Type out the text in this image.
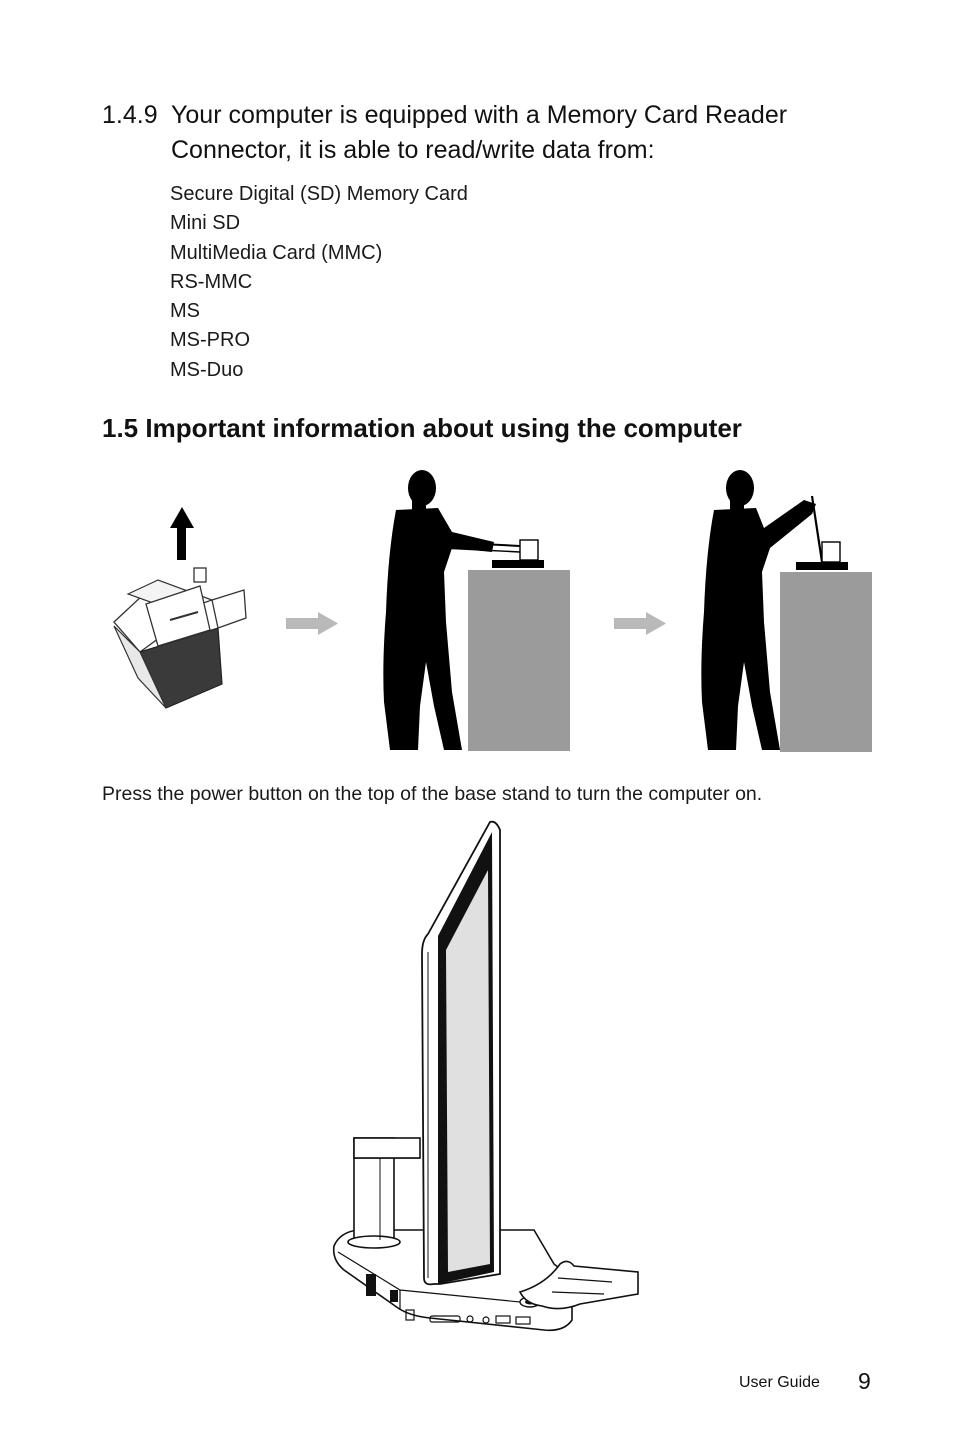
1.4.9 Your computer is equipped with a Memory Card Reader Connector, it is able to read/write data from:
Secure Digital (SD) Memory Card
Mini SD
MultiMedia Card (MMC)
RS-MMC
MS
MS-PRO
MS-Duo
1.5 Important information about using the computer

Press the power button on the top of the base stand to turn the computer on.

User Guide 9
